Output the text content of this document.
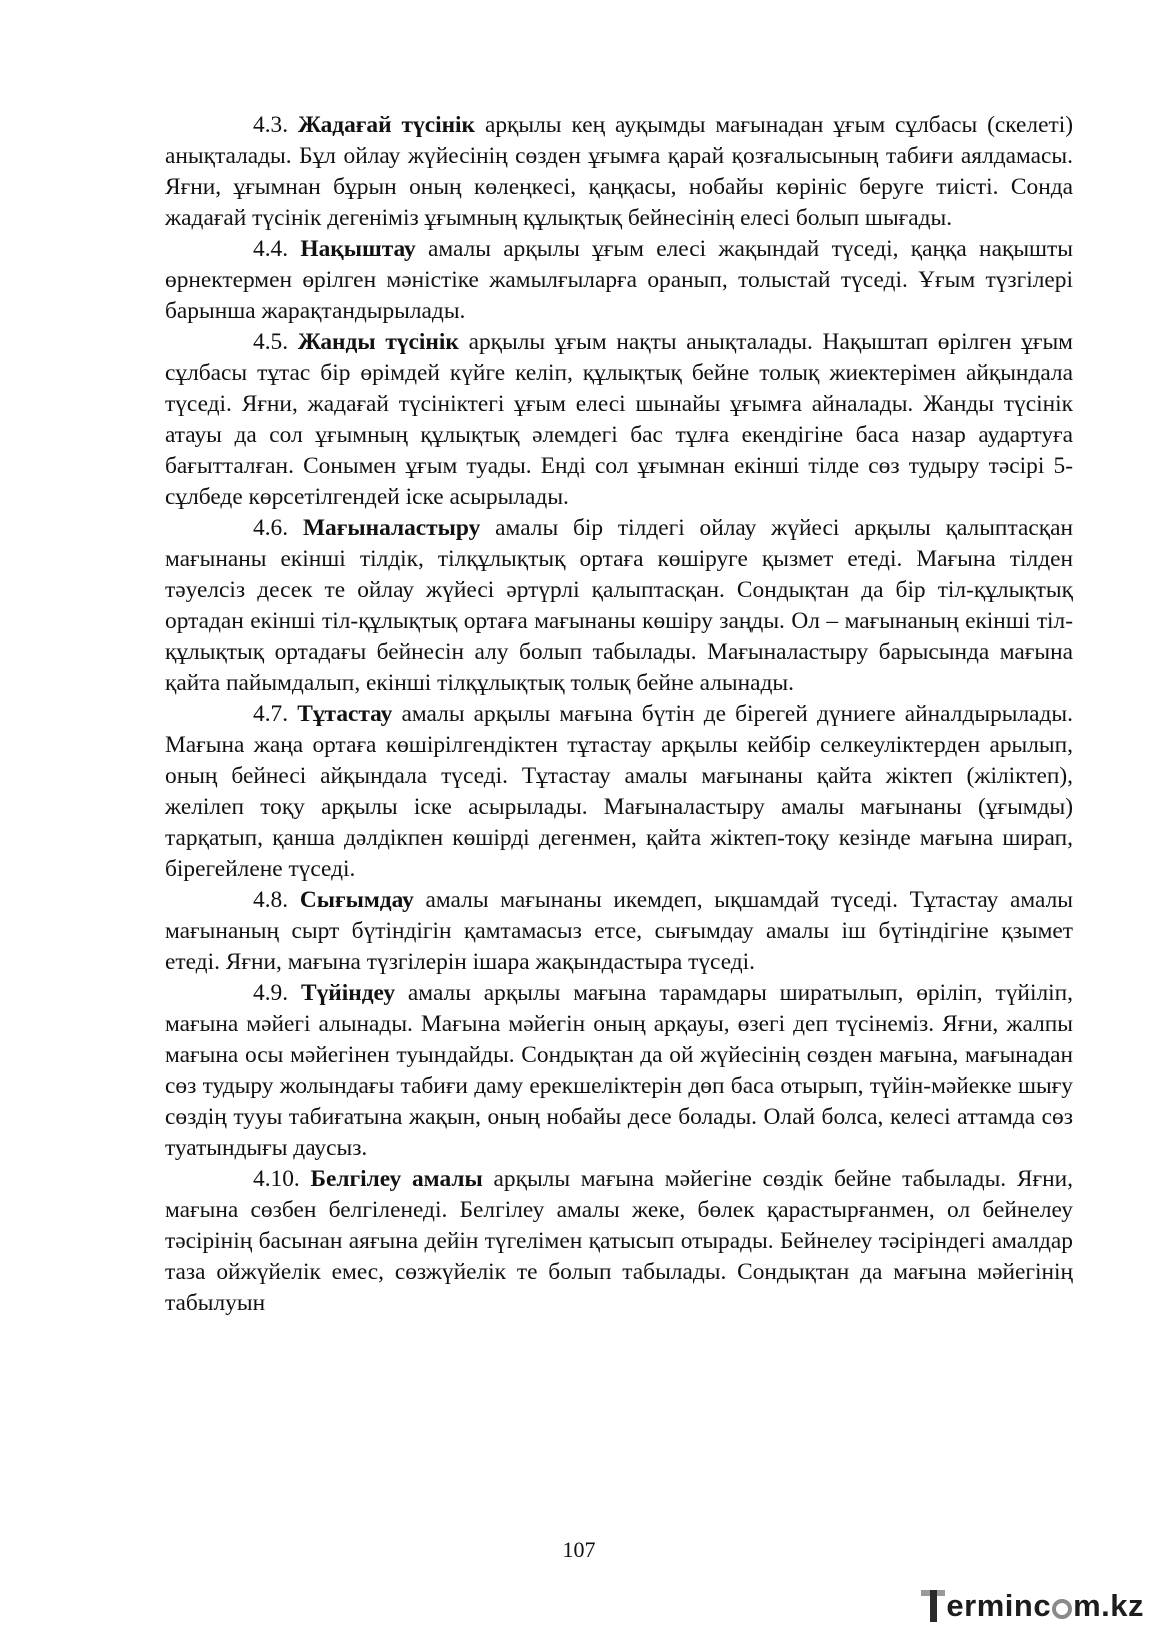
4.3. Жадағай түсінік арқылы кең ауқымды мағынадан ұғым сұлбасы (скелеті) анықталады. Бұл ойлау жүйесінің сөзден ұғымға қарай қозғалысының табиғи аялдамасы. Яғни, ұғымнан бұрын оның көлеңкесі, қаңқасы, нобайы көрініс беруге тиісті. Сонда жадағай түсінік дегеніміз ұғымның құлықтық бейнесінің елесі болып шығады.

4.4. Нақыштау амалы арқылы ұғым елесі жақындай түседі, қаңқа нақышты өрнектермен өрілген мәністіке жамылғыларға оранып, толыстай түседі. Ұғым түзгілері барынша жарақтандырылады.

4.5. Жанды түсінік арқылы ұғым нақты анықталады. Нақыштап өрілген ұғым сұлбасы тұтас бір өрімдей күйге келіп, құлықтық бейне толық жиектерімен айқындала түседі. Яғни, жадағай түсініктегі ұғым елесі шынайы ұғымға айналады. Жанды түсінік атауы да сол ұғымның құлықтық әлемдегі бас тұлға екендігіне баса назар аудартуға бағытталған. Сонымен ұғым туады. Енді сол ұғымнан екінші тілде сөз тудыру тәсірі 5-сұлбеде көрсетілгендей іске асырылады.

4.6. Мағыналастыру амалы бір тілдегі ойлау жүйесі арқылы қалыптасқан мағынаны екінші тілдік, тілқұлықтық ортаға көшіруге қызмет етеді. Мағына тілден тәуелсіз десек те ойлау жүйесі әртүрлі қалыптасқан. Сондықтан да бір тіл-құлықтық ортадан екінші тіл-құлықтық ортаға мағынаны көшіру заңды. Ол – мағынаның екінші тіл-құлықтық ортадағы бейнесін алу болып табылады. Мағыналастыру барысында мағына қайта пайымдалып, екінші тілқұлықтық толық бейне алынады.

4.7. Тұтастау амалы арқылы мағына бүтін де бірегей дүниеге айналдырылады. Мағына жаңа ортаға көшірілгендіктен тұтастау арқылы кейбір селкеуліктерден арылып, оның бейнесі айқындала түседі. Тұтастау амалы мағынаны қайта жіктеп (жіліктеп), желілеп тоқу арқылы іске асырылады. Мағыналастыру амалы мағынаны (ұғымды) тарқатып, қанша дәлдікпен көшірді дегенмен, қайта жіктеп-тоқу кезінде мағына ширап, бірегейлене түседі.

4.8. Сығымдау амалы мағынаны икемдеп, ықшамдай түседі. Тұтастау амалы мағынаның сырт бүтіндігін қамтамасыз етсе, сығымдау амалы іш бүтіндігіне қзымет етеді. Яғни, мағына түзгілерін ішара жақындастыра түседі.

4.9. Түйіндеу амалы арқылы мағына тарамдары ширатылып, өріліп, түйіліп, мағына мәйегі алынады. Мағына мәйегін оның арқауы, өзегі деп түсінеміз. Яғни, жалпы мағына осы мәйегінен туындайды. Сондықтан да ой жүйесінің сөзден мағына, мағынадан сөз тудыру жолындағы табиғи даму ерекшеліктерін дөп баса отырып, түйін-мәйекке шығу сөздің тууы табиғатына жақын, оның нобайы десе болады. Олай болса, келесі аттамда сөз туатындығы даусыз.

4.10. Белгілеу амалы арқылы мағына мәйегіне сөздік бейне табылады. Яғни, мағына сөзбен белгіленеді. Белгілеу амалы жеке, бөлек қарастырғанмен, ол бейнелеу тәсірінің басынан аяғына дейін түгелімен қатысып отырады. Бейнелеу тәсіріндегі амалдар таза ойжүйелік емес, сөзжүйелік те болып табылады. Сондықтан да мағына мәйегінің табылуын

107
ermin c m.kz
